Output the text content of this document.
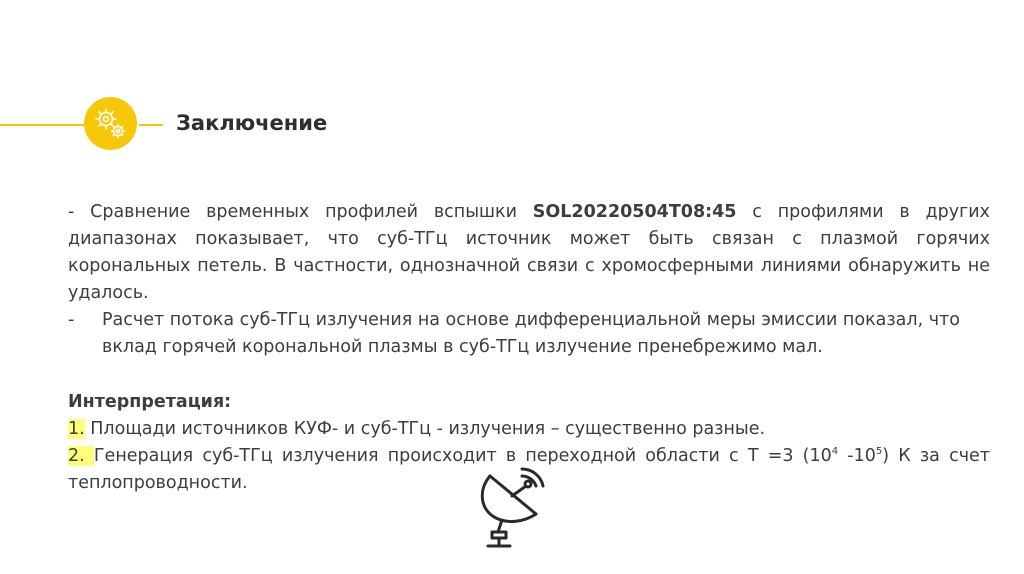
Заключение

- Сравнение временных профилей вспышки SOL20220504T08:45 с профилями в других диапазонах показывает, что суб-ТГц источник может быть связан с плазмой горячих корональных петель. В частности, однозначной связи с хромосферными линиями обнаружить не удалось.

- Расчет потока суб-ТГц излучения на основе дифференциальной меры эмиссии показал, что вклад горячей корональной плазмы в суб-ТГц излучение пренебрежимо мал.

Интерпретация:

1. Площади источников КУФ- и суб-ТГц - излучения – существенно разные.

2. Генерация суб-ТГц излучения происходит в переходной области с Т =3 ($10^4$ $-10^5$) К за счет

теплопроводности.
